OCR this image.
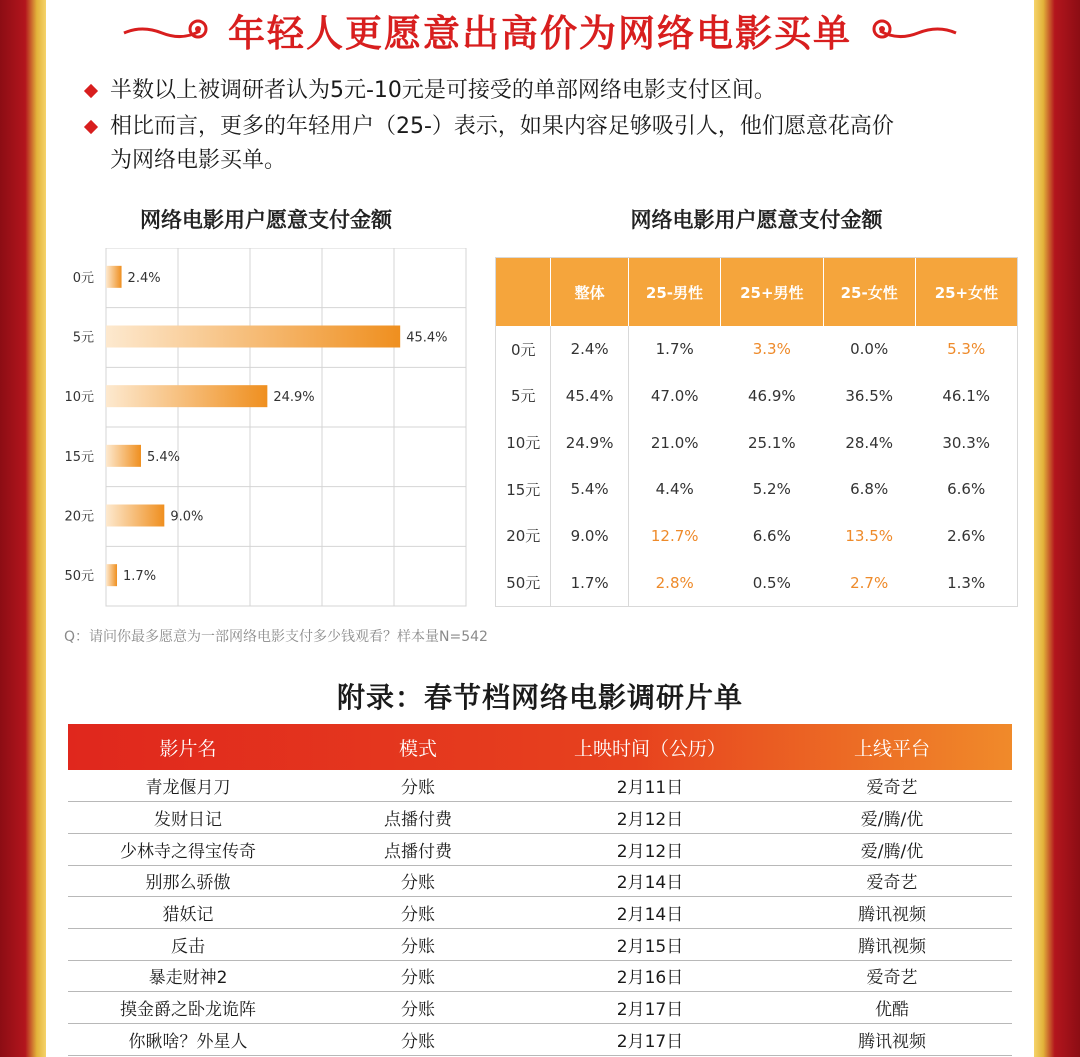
年轻人更愿意出高价为网络电影买单
半数以上被调研者认为5元-10元是可接受的单部网络电影支付区间。
相比而言，更多的年轻用户（25-）表示，如果内容足够吸引人，他们愿意花高价
为网络电影买单。
网络电影用户愿意支付金额	网络电影用户愿意支付金额
0元	2.4%
5元	45.4%
10元	24.9%
15元	5.4%
20元	9.0%
50元 1.7%
	整体	25-男性	25+男性	25-女性	25+女性
0元	2.4%	1.7%	3.3%	0.0%	5.3%
5元	45.4%	47.0%	46.9%	36.5%	46.1%
10元	24.9%	21.0%	25.1%	28.4%	30.3%
15元	5.4%	4.4%	5.2%	6.8%	6.6%
20元	9.0%	12.7%	6.6%	13.5%	2.6%
50元	1.7%	2.8%	0.5%	2.7%	1.3%
Q：请问你最多愿意为一部网络电影支付多少钱观看？样本量N=542
附录：春节档网络电影调研片单
影片名	模式	上映时间（公历）	上线平台
青龙偃月刀	分账	2月11日	爱奇艺
发财日记	点播付费	2月12日	爱/腾/优
少林寺之得宝传奇	点播付费	2月12日	爱/腾/优
别那么骄傲	分账	2月14日	爱奇艺
猎妖记	分账	2月14日	腾讯视频
反击	分账	2月15日	腾讯视频
暴走财神2	分账	2月16日	爱奇艺
摸金爵之卧龙诡阵	分账	2月17日	优酷
你瞅啥？外星人	分账	2月17日	腾讯视频
